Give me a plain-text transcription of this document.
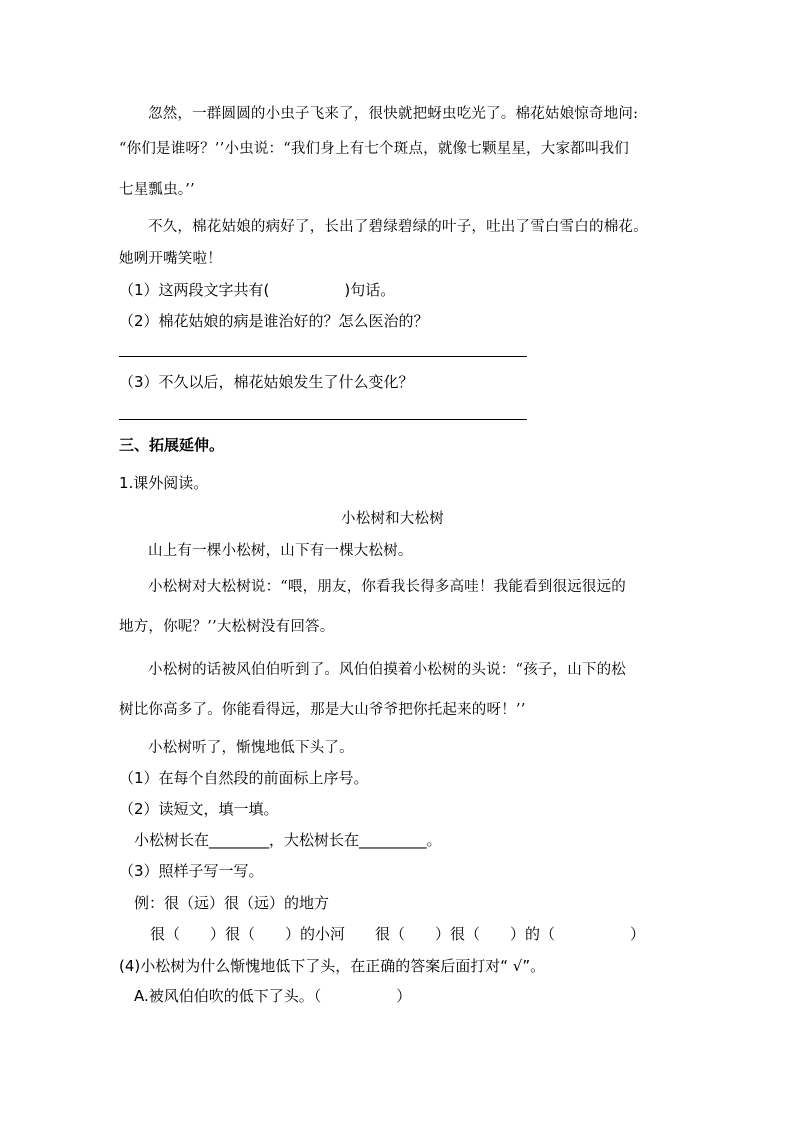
忽然，一群圆圆的小虫子飞来了，很快就把蚜虫吃光了。棉花姑娘惊奇地问:
“你们是谁呀？’’小虫说：“我们身上有七个斑点，就像七颗星星，大家都叫我们
七星瓢虫。’’
不久，棉花姑娘的病好了，长出了碧绿碧绿的叶子，吐出了雪白雪白的棉花。
她咧开嘴笑啦！
（1）这两段文字共有(　　　　　)句话。
（2）棉花姑娘的病是谁治好的？怎么医治的？
（3）不久以后，棉花姑娘发生了什么变化？
三、拓展延伸。
1.课外阅读。
小松树和大松树
山上有一棵小松树，山下有一棵大松树。
小松树对大松树说：“喂，朋友，你看我长得多高哇！我能看到很远很远的
地方，你呢？’’大松树没有回答。
小松树的话被风伯伯听到了。风伯伯摸着小松树的头说：“孩子，山下的松
树比你高多了。你能看得远，那是大山爷爷把你托起来的呀！’’
小松树听了，惭愧地低下头了。
（1）在每个自然段的前面标上序号。
（2）读短文，填一填。
小松树长在________，大松树长在_________。
（3）照样子写一写。
例：很（远）很（远）的地方
很（　　）很（　　）的小河　　很（　　）很（　　）的（　　　　　）
(4)小松树为什么惭愧地低下了头，在正确的答案后面打对“ √”。
A.被风伯伯吹的低下了头。（　　　　　）
